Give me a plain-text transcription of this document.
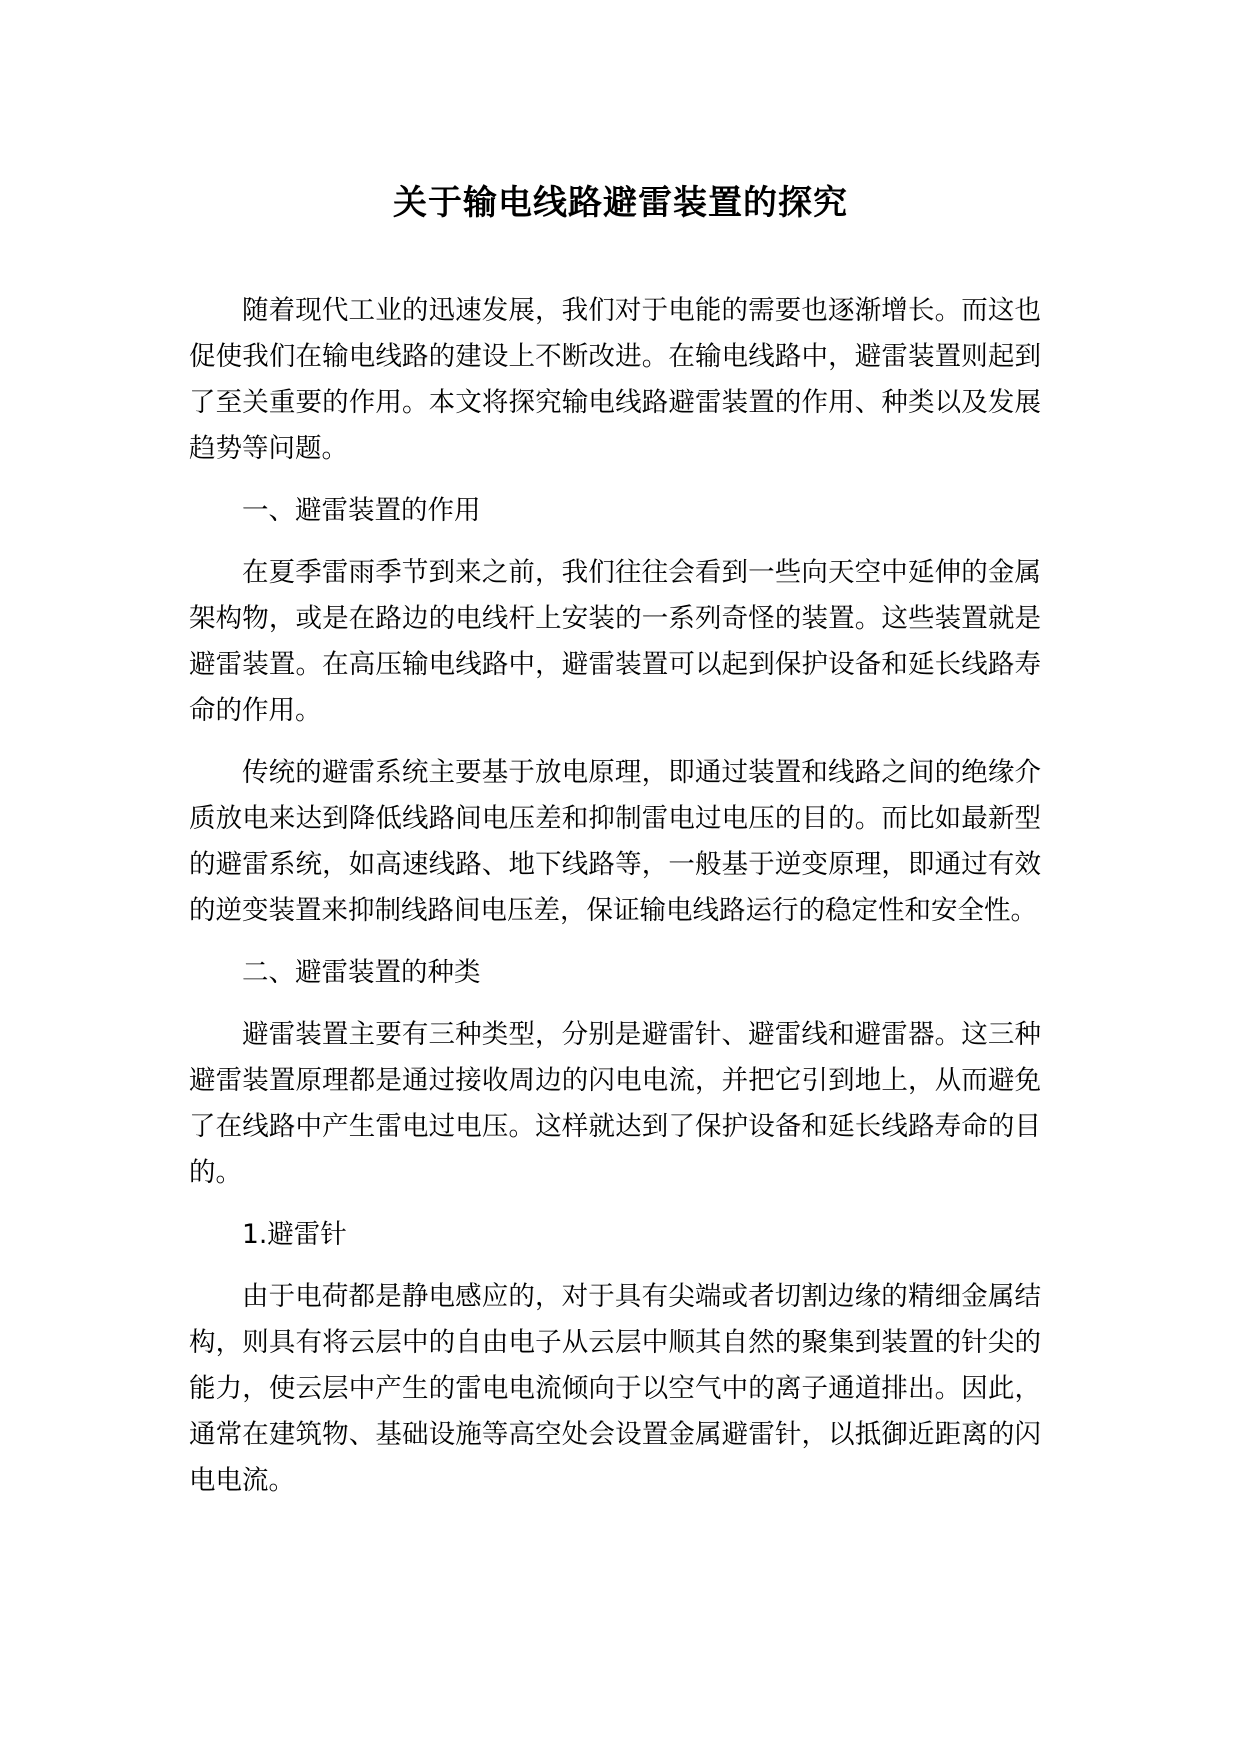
关于输电线路避雷装置的探究

随着现代工业的迅速发展，我们对于电能的需要也逐渐增长。而这也促使我们在输电线路的建设上不断改进。在输电线路中，避雷装置则起到了至关重要的作用。本文将探究输电线路避雷装置的作用、种类以及发展趋势等问题。

一、避雷装置的作用

在夏季雷雨季节到来之前，我们往往会看到一些向天空中延伸的金属架构物，或是在路边的电线杆上安装的一系列奇怪的装置。这些装置就是避雷装置。在高压输电线路中，避雷装置可以起到保护设备和延长线路寿命的作用。

传统的避雷系统主要基于放电原理，即通过装置和线路之间的绝缘介质放电来达到降低线路间电压差和抑制雷电过电压的目的。而比如最新型的避雷系统，如高速线路、地下线路等，一般基于逆变原理，即通过有效的逆变装置来抑制线路间电压差，保证输电线路运行的稳定性和安全性。

二、避雷装置的种类

避雷装置主要有三种类型，分别是避雷针、避雷线和避雷器。这三种避雷装置原理都是通过接收周边的闪电电流，并把它引到地上，从而避免了在线路中产生雷电过电压。这样就达到了保护设备和延长线路寿命的目的。

1.避雷针

由于电荷都是静电感应的，对于具有尖端或者切割边缘的精细金属结构，则具有将云层中的自由电子从云层中顺其自然的聚集到装置的针尖的能力，使云层中产生的雷电电流倾向于以空气中的离子通道排出。因此，通常在建筑物、基础设施等高空处会设置金属避雷针，以抵御近距离的闪电电流。
